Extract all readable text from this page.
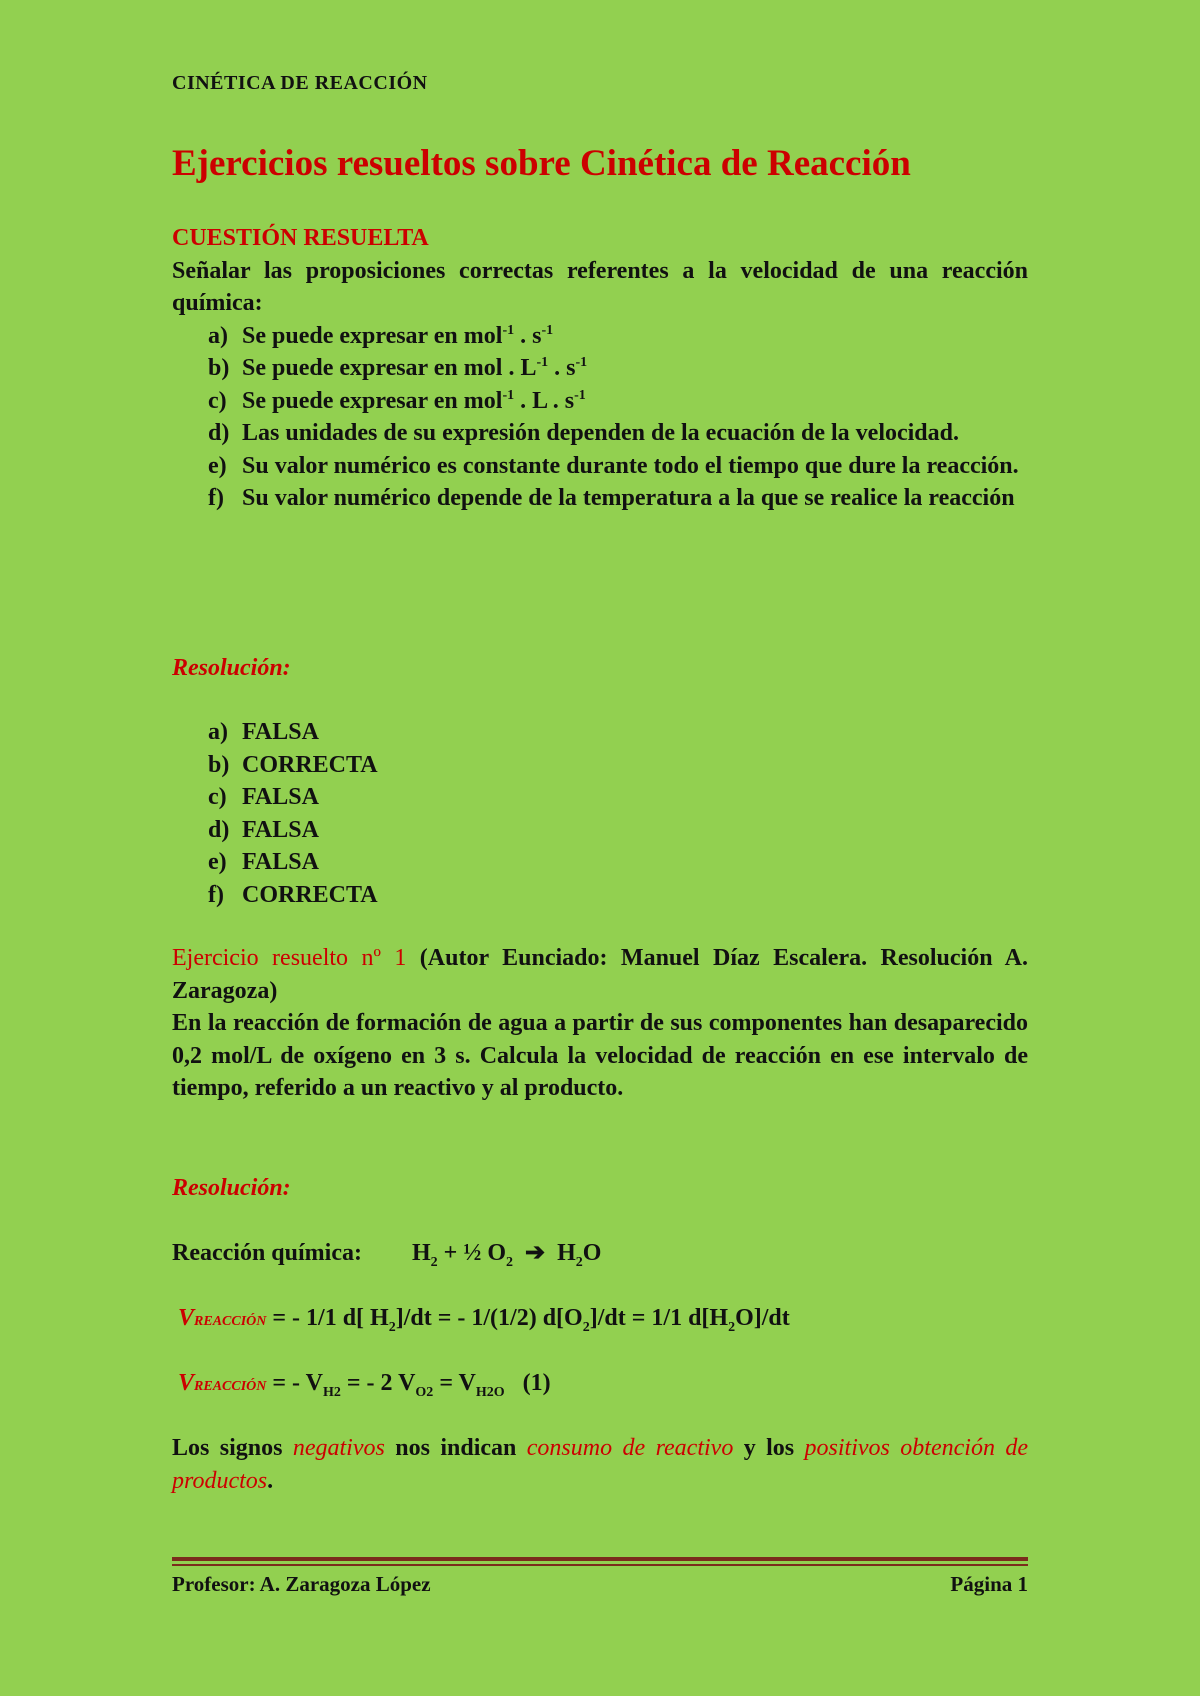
CINÉTICA DE REACCIÓN
Ejercicios resueltos sobre Cinética de Reacción
CUESTIÓN RESUELTA
Señalar las proposiciones correctas referentes a la velocidad de una reacción química:
a) Se puede expresar en mol$^{-1}$ . $s^{-1}$
b) Se puede expresar en mol . $L^{-1}$ . $s^{-1}$
c) Se puede expresar en mol$^{-1}$ . L . $s^{-1}$
d) Las unidades de su expresión dependen de la ecuación de la velocidad.
e) Su valor numérico es constante durante todo el tiempo que dure la reacción.
f) Su valor numérico depende de la temperatura a la que se realice la reacción
Resolución:
a) FALSA
b) CORRECTA
c) FALSA
d) FALSA
e) FALSA
f) CORRECTA
Ejercicio resuelto nº 1 (Autor Eunciado: Manuel Díaz Escalera. Resolución A. Zaragoza)
En la reacción de formación de agua a partir de sus componentes han desaparecido 0,2 mol/L de oxígeno en 3 s. Calcula la velocidad de reacción en ese intervalo de tiempo, referido a un reactivo y al producto.
Resolución:
Reacción química: $H_2$ + ½ $O_2$ ➔ $H_2O$
VREACCIÓN = - 1/1 d[ $H_2]/dt$ = - 1/(1/2) $d[O_2]/dt = 1/1$ $d[H_2O]/dt$
VREACCIÓN = - $V_{H2}$ = - 2 $V_{O2} = V_{H2O}$   (1)
Los signos negativos nos indican consumo de reactivo y los positivos obtención de productos.
Profesor: A. Zaragoza López	Página 1
